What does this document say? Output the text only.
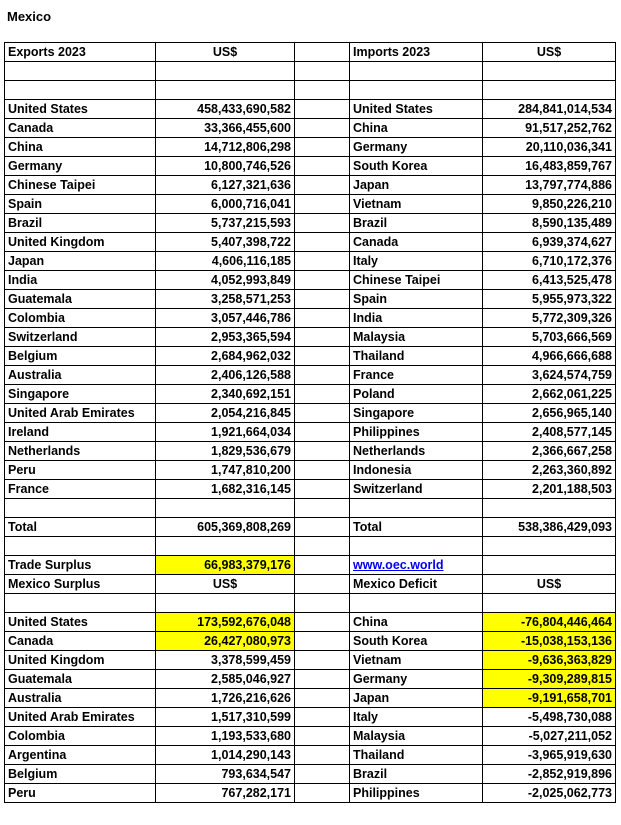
Mexico
Exports 2023	US$		Imports 2023	US$

United States	458,433,690,582		United States	284,841,014,534
Canada	33,366,455,600		China	91,517,252,762
China	14,712,806,298		Germany	20,110,036,341
Germany	10,800,746,526		South Korea	16,483,859,767
Chinese Taipei	6,127,321,636		Japan	13,797,774,886
Spain	6,000,716,041		Vietnam	9,850,226,210
Brazil	5,737,215,593		Brazil	8,590,135,489
United Kingdom	5,407,398,722		Canada	6,939,374,627
Japan	4,606,116,185		Italy	6,710,172,376
India	4,052,993,849		Chinese Taipei	6,413,525,478
Guatemala	3,258,571,253		Spain	5,955,973,322
Colombia	3,057,446,786		India	5,772,309,326
Switzerland	2,953,365,594		Malaysia	5,703,666,569
Belgium	2,684,962,032		Thailand	4,966,666,688
Australia	2,406,126,588		France	3,624,574,759
Singapore	2,340,692,151		Poland	2,662,061,225
United Arab Emirates	2,054,216,845		Singapore	2,656,965,140
Ireland	1,921,664,034		Philippines	2,408,577,145
Netherlands	1,829,536,679		Netherlands	2,366,667,258
Peru	1,747,810,200		Indonesia	2,263,360,892
France	1,682,316,145		Switzerland	2,201,188,503

Total	605,369,808,269		Total	538,386,429,093

Trade Surplus	66,983,379,176		www.oec.world	
Mexico Surplus	US$		Mexico Deficit	US$

United States	173,592,676,048		China	-76,804,446,464
Canada	26,427,080,973		South Korea	-15,038,153,136
United Kingdom	3,378,599,459		Vietnam	-9,636,363,829
Guatemala	2,585,046,927		Germany	-9,309,289,815
Australia	1,726,216,626		Japan	-9,191,658,701
United Arab Emirates	1,517,310,599		Italy	-5,498,730,088
Colombia	1,193,533,680		Malaysia	-5,027,211,052
Argentina	1,014,290,143		Thailand	-3,965,919,630
Belgium	793,634,547		Brazil	-2,852,919,896
Peru	767,282,171		Philippines	-2,025,062,773
